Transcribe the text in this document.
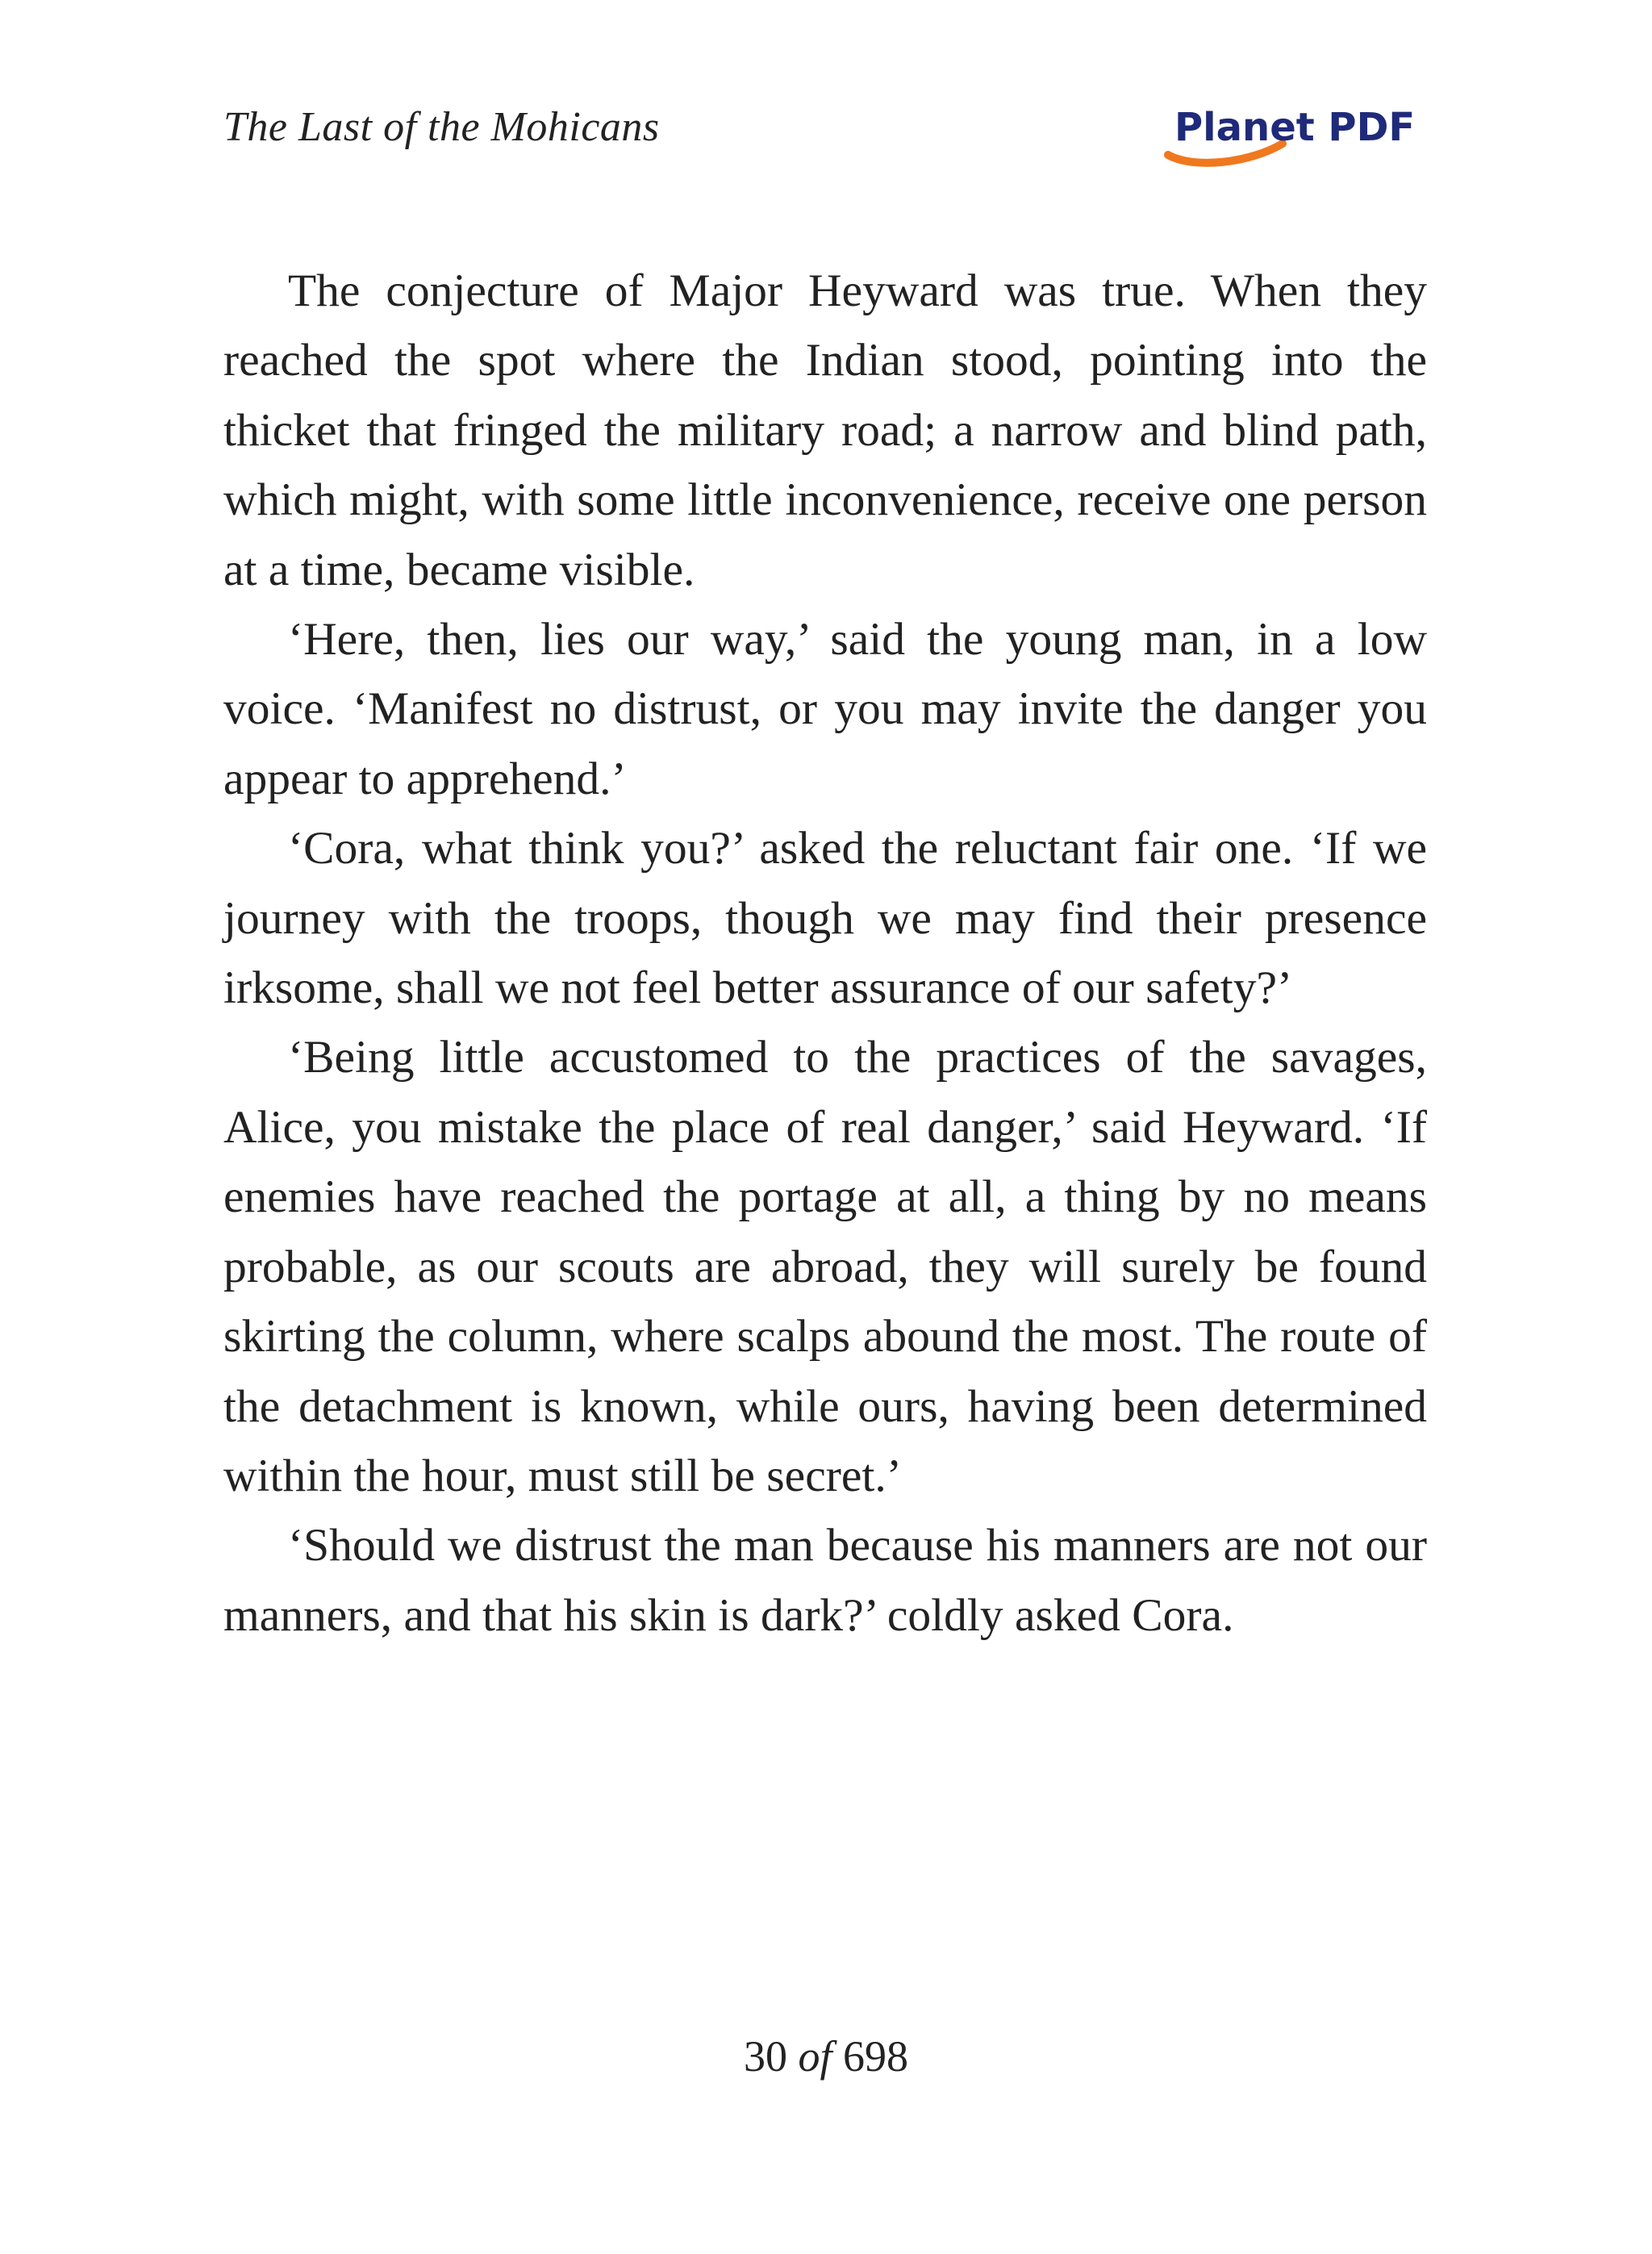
The Last of the Mohicans	Planet PDF

The conjecture of Major Heyward was true. When they reached the spot where the Indian stood, pointing into the thicket that fringed the military road; a narrow and blind path, which might, with some little inconvenience, receive one person at a time, became visible.

‘Here, then, lies our way,’ said the young man, in a low voice. ‘Manifest no distrust, or you may invite the danger you appear to apprehend.’

‘Cora, what think you?’ asked the reluctant fair one. ‘If we journey with the troops, though we may find their presence irksome, shall we not feel better assurance of our safety?’

‘Being little accustomed to the practices of the savages, Alice, you mistake the place of real danger,’ said Heyward. ‘If enemies have reached the portage at all, a thing by no means probable, as our scouts are abroad, they will surely be found skirting the column, where scalps abound the most. The route of the detachment is known, while ours, having been determined within the hour, must still be secret.’

‘Should we distrust the man because his manners are not our manners, and that his skin is dark?’ coldly asked Cora.

30 of 698
